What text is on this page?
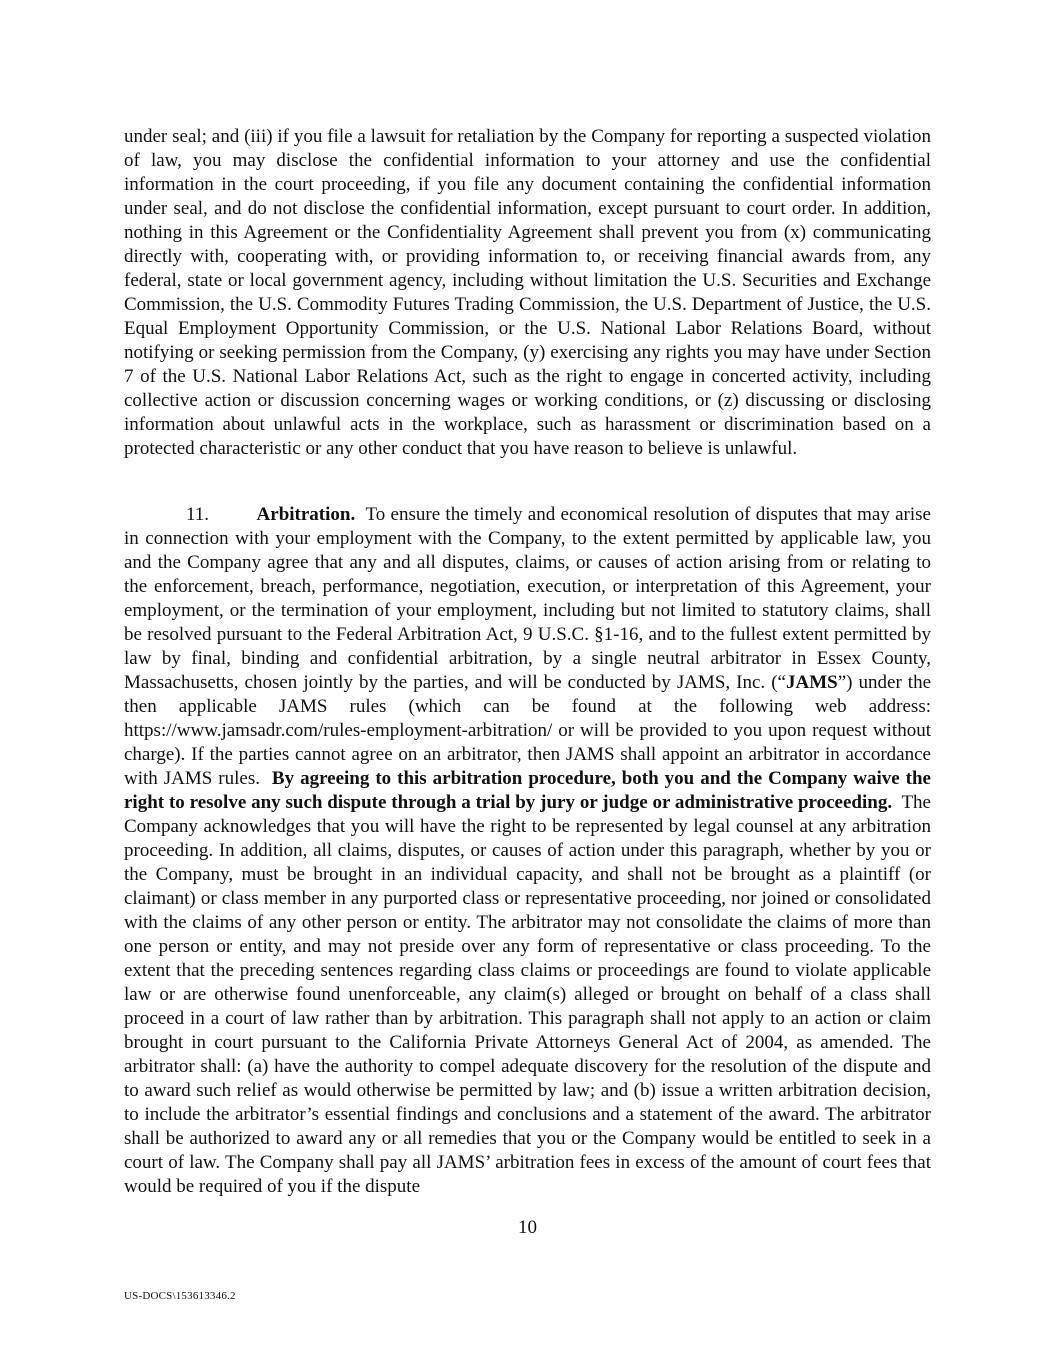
under seal; and (iii) if you file a lawsuit for retaliation by the Company for reporting a suspected violation of law, you may disclose the confidential information to your attorney and use the confidential information in the court proceeding, if you file any document containing the confidential information under seal, and do not disclose the confidential information, except pursuant to court order. In addition, nothing in this Agreement or the Confidentiality Agreement shall prevent you from (x) communicating directly with, cooperating with, or providing information to, or receiving financial awards from, any federal, state or local government agency, including without limitation the U.S. Securities and Exchange Commission, the U.S. Commodity Futures Trading Commission, the U.S. Department of Justice, the U.S. Equal Employment Opportunity Commission, or the U.S. National Labor Relations Board, without notifying or seeking permission from the Company, (y) exercising any rights you may have under Section 7 of the U.S. National Labor Relations Act, such as the right to engage in concerted activity, including collective action or discussion concerning wages or working conditions, or (z) discussing or disclosing information about unlawful acts in the workplace, such as harassment or discrimination based on a protected characteristic or any other conduct that you have reason to believe is unlawful.

11.   	Arbitration. To ensure the timely and economical resolution of disputes that may arise in connection with your employment with the Company, to the extent permitted by applicable law, you and the Company agree that any and all disputes, claims, or causes of action arising from or relating to the enforcement, breach, performance, negotiation, execution, or interpretation of this Agreement, your employment, or the termination of your employment, including but not limited to statutory claims, shall be resolved pursuant to the Federal Arbitration Act, 9 U.S.C. §1-16, and to the fullest extent permitted by law by final, binding and confidential arbitration, by a single neutral arbitrator in Essex County, Massachusetts, chosen jointly by the parties, and will be conducted by JAMS, Inc. (“JAMS”) under the then applicable JAMS rules (which can be found at the following web address: https://www.jamsadr.com/rules-employment-arbitration/ or will be provided to you upon request without charge). If the parties cannot agree on an arbitrator, then JAMS shall appoint an arbitrator in accordance with JAMS rules. By agreeing to this arbitration procedure, both you and the Company waive the right to resolve any such dispute through a trial by jury or judge or administrative proceeding. The Company acknowledges that you will have the right to be represented by legal counsel at any arbitration proceeding. In addition, all claims, disputes, or causes of action under this paragraph, whether by you or the Company, must be brought in an individual capacity, and shall not be brought as a plaintiff (or claimant) or class member in any purported class or representative proceeding, nor joined or consolidated with the claims of any other person or entity. The arbitrator may not consolidate the claims of more than one person or entity, and may not preside over any form of representative or class proceeding. To the extent that the preceding sentences regarding class claims or proceedings are found to violate applicable law or are otherwise found unenforceable, any claim(s) alleged or brought on behalf of a class shall proceed in a court of law rather than by arbitration. This paragraph shall not apply to an action or claim brought in court pursuant to the California Private Attorneys General Act of 2004, as amended. The arbitrator shall: (a) have the authority to compel adequate discovery for the resolution of the dispute and to award such relief as would otherwise be permitted by law; and (b) issue a written arbitration decision, to include the arbitrator’s essential findings and conclusions and a statement of the award. The arbitrator shall be authorized to award any or all remedies that you or the Company would be entitled to seek in a court of law. The Company shall pay all JAMS’ arbitration fees in excess of the amount of court fees that would be required of you if the dispute

10
US-DOCS\153613346.2
